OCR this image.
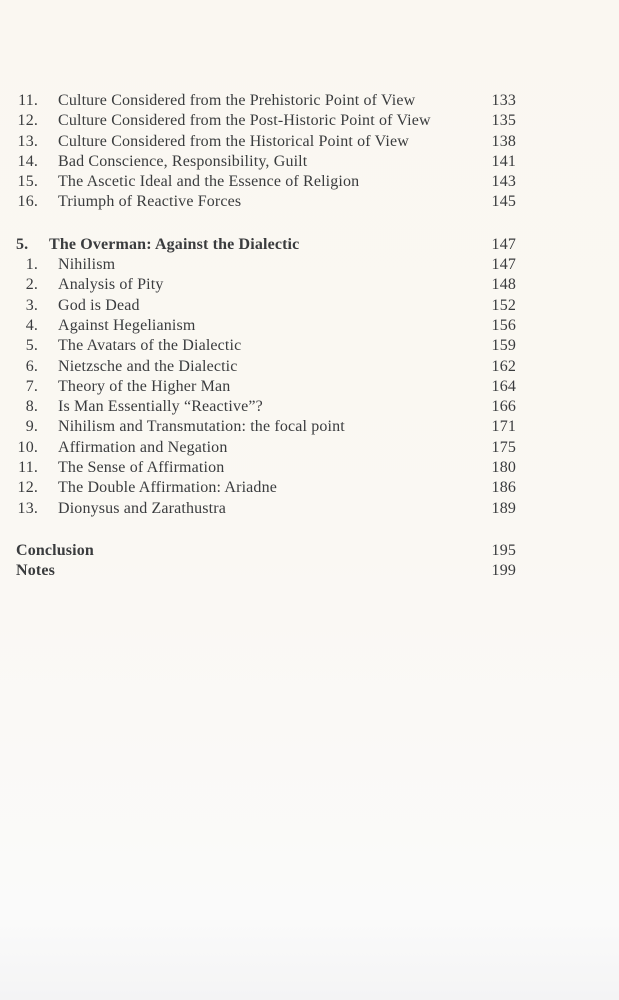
11. Culture Considered from the Prehistoric Point of View	133
12. Culture Considered from the Post-Historic Point of View	135
13. Culture Considered from the Historical Point of View	138
14. Bad Conscience, Responsibility, Guilt	141
15. The Ascetic Ideal and the Essence of Religion	143
16. Triumph of Reactive Forces	145
5.	The Overman: Against the Dialectic	147
1. Nihilism	147
2. Analysis of Pity	148
3. God is Dead	152
4. Against Hegelianism	156
5. The Avatars of the Dialectic	159
6. Nietzsche and the Dialectic	162
7. Theory of the Higher Man	164
8. Is Man Essentially “Reactive”?	166
9. Nihilism and Transmutation: the focal point	171
10. Affirmation and Negation	175
11. The Sense of Affirmation	180
12. The Double Affirmation: Ariadne	186
13. Dionysus and Zarathustra	189
Conclusion	195
Notes	199
